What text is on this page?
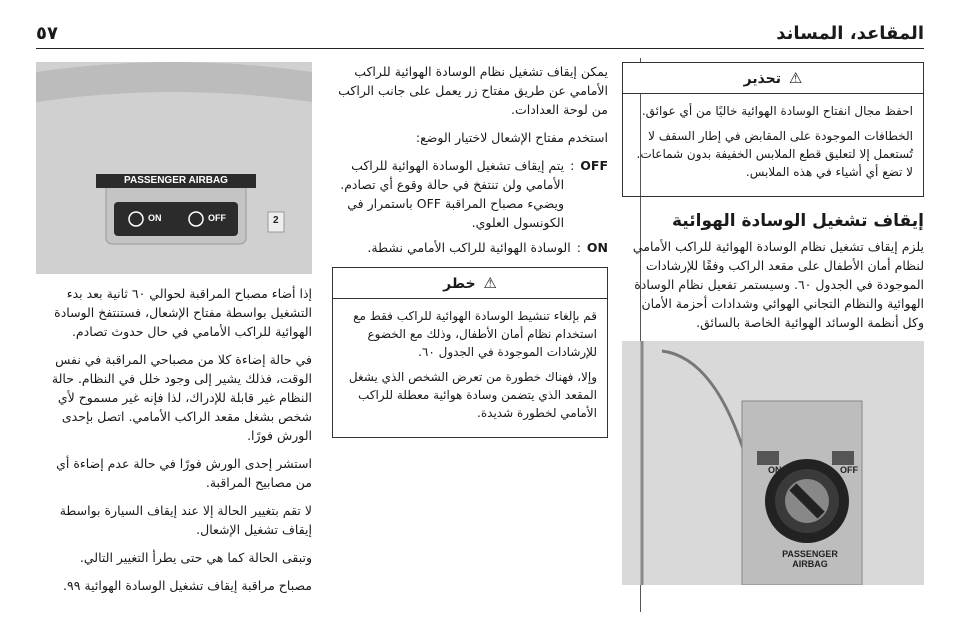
٥٧	المقاعد، المساند
⚠ تحذير

احفظ مجال انفتاح الوسادة الهوائية خاليًا من أي عوائق.

الخطافات الموجودة على المقابض في إطار السقف لا تُستعمل إلا لتعليق قطع الملابس الخفيفة بدون شماعات. لا تضع أي أشياء في هذه الملابس.

إيقاف تشغيل الوسادة الهوائية

يلزم إيقاف تشغيل نظام الوسادة الهوائية للراكب الأمامي لنظام أمان الأطفال على مقعد الراكب وفقًا للإرشادات الموجودة في الجدول ٦٠. وسيستمر تفعيل نظام الوسادة الهوائية والنظام التجاني الهوائي وشدادات أحزمة الأمان وكل أنظمة الوسائد الهوائية الخاصة بالسائق.

OFF
ON
PASSENGER AIRBAG

يمكن إيقاف تشغيل نظام الوسادة الهوائية للراكب الأمامي عن طريق مفتاح زر يعمل على جانب الراكب من لوحة العدادات.

استخدم مفتاح الإشعال لاختيار الوضع:

OFF
:
يتم إيقاف تشغيل الوسادة الهوائية للراكب الأمامي ولن تنتفخ في حالة وقوع أي تصادم. ويضيء مصباح المراقبة OFF باستمرار في الكونسول العلوي.
ON
:
الوسادة الهوائية للراكب الأمامي نشطة.
⚠ خطر

قم بإلغاء تنشيط الوسادة الهوائية للراكب فقط مع استخدام نظام أمان الأطفال، وذلك مع الخضوع للإرشادات الموجودة في الجدول ٦٠.

وإلا، فهناك خطورة من تعرض الشخص الذي يشغل المقعد الذي يتضمن وسادة هوائية معطلة للراكب الأمامي لخطورة شديدة.

PASSENGER AIRBAG
ON	OFF	2

إذا أضاء مصباح المراقبة لحوالي ٦٠ ثانية بعد بدء التشغيل بواسطة مفتاح الإشعال، فستنتفخ الوسادة الهوائية للراكب الأمامي في حال حدوث تصادم.

في حالة إضاءة كلا من مصباحي المراقبة في نفس الوقت، فذلك يشير إلى وجود خلل في النظام. حالة النظام غير قابلة للإدراك، لذا فإنه غير مسموح لأي شخص بشغل مقعد الراكب الأمامي. اتصل بإحدى الورش فورًا.

استشر إحدى الورش فورًا في حالة عدم إضاءة أي من مصابيح المراقبة.

لا تقم بتغيير الحالة إلا عند إيقاف السيارة بواسطة إيقاف تشغيل الإشعال.

وتبقى الحالة كما هي حتى يطرأ التغيير التالي.

مصباح مراقبة إيقاف تشغيل الوسادة الهوائية ٩٩.
